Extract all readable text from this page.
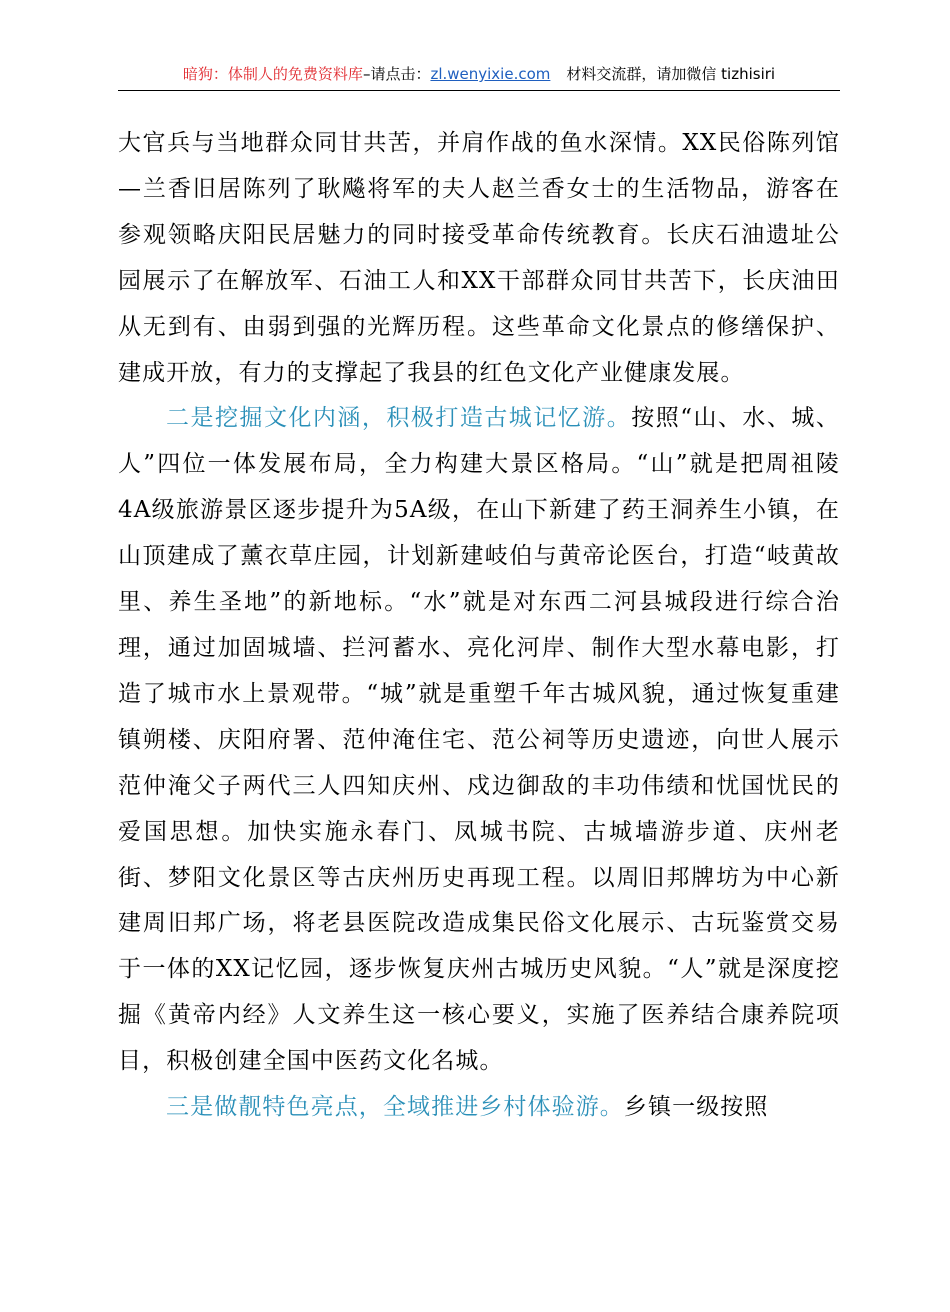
暗狗：体制人的免费资料库–请点击：zl.wenyixie.com 材料交流群，请加微信 tizhisiri

大官兵与当地群众同甘共苦，并肩作战的鱼水深情。XX民俗陈列馆—兰香旧居陈列了耿飚将军的夫人赵兰香女士的生活物品，游客在参观领略庆阳民居魅力的同时接受革命传统教育。长庆石油遗址公园展示了在解放军、石油工人和XX干部群众同甘共苦下，长庆油田从无到有、由弱到强的光辉历程。这些革命文化景点的修缮保护、建成开放，有力的支撑起了我县的红色文化产业健康发展。

二是挖掘文化内涵，积极打造古城记忆游。按照“山、水、城、人”四位一体发展布局，全力构建大景区格局。“山”就是把周祖陵4A级旅游景区逐步提升为5A级，在山下新建了药王洞养生小镇，在山顶建成了薰衣草庄园，计划新建岐伯与黄帝论医台，打造“岐黄故里、养生圣地”的新地标。“水”就是对东西二河县城段进行综合治理，通过加固城墙、拦河蓄水、亮化河岸、制作大型水幕电影，打造了城市水上景观带。“城”就是重塑千年古城风貌，通过恢复重建镇朔楼、庆阳府署、范仲淹住宅、范公祠等历史遗迹，向世人展示范仲淹父子两代三人四知庆州、戍边御敌的丰功伟绩和忧国忧民的爱国思想。加快实施永春门、凤城书院、古城墙游步道、庆州老街、梦阳文化景区等古庆州历史再现工程。以周旧邦牌坊为中心新建周旧邦广场，将老县医院改造成集民俗文化展示、古玩鉴赏交易于一体的XX记忆园，逐步恢复庆州古城历史风貌。“人”就是深度挖掘《黄帝内经》人文养生这一核心要义，实施了医养结合康养院项目，积极创建全国中医药文化名城。

三是做靓特色亮点，全域推进乡村体验游。乡镇一级按照
